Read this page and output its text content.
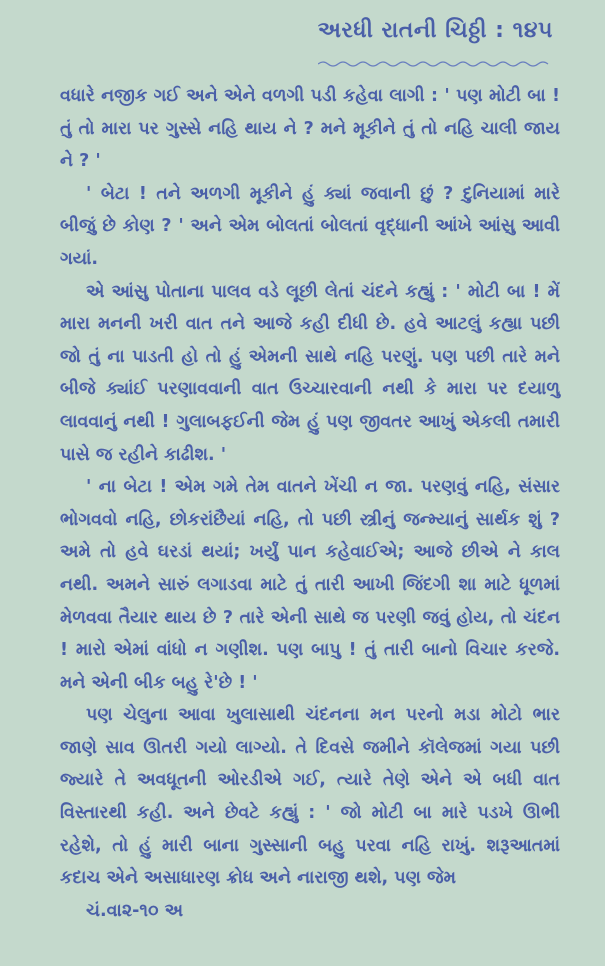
અરધી રાતની ચિઠ્ઠી : ૧૪૫

વધારે નજીક ગઈ અને એને વળગી પડી કહેવા લાગી : ' પણ મોટી બા ! તું તો મારા પર ગુસ્સે નહિ થાય ને ? મને મૂકીને તું તો નહિ ચાલી જાય ને ? '

' બેટા ! તને અળગી મૂકીને હું ક્યાં જવાની છું ? દુનિયામાં મારે બીજું છે કોણ ? ' અને એમ બોલતાં બોલતાં વૃદ્ધાની આંખે આંસુ આવી ગયાં.

એ આંસુ પોતાના પાલવ વડે લૂછી લેતાં ચંદને કહ્યું : ' મોટી બા ! મેં મારા મનની ખરી વાત તને આજે કહી દીધી છે. હવે આટલું કહ્યા પછી જો તું ના પાડતી હો તો હું એમની સાથે નહિ પરણું. પણ પછી તારે મને બીજે ક્યાંઈ પરણાવવાની વાત ઉચ્ચારવાની નથી કે મારા પર દયાળુ લાવવાનું નથી ! ગુલાબફઈની જેમ હું પણ જીવતર આખું એકલી તમારી પાસે જ રહીને કાઢીશ. '

' ના બેટા ! એમ ગમે તેમ વાતને ખેંચી ન જા. પરણવું નહિ, સંસાર ભોગવવો નહિ, છોકરાંછૈયાં નહિ, તો પછી સ્ત્રીનું જન્મ્યાનું સાર્થક શું ? અમે તો હવે ઘરડાં થયાં; ખર્યું પાન કહેવાઈએ; આજે છીએ ને કાલ નથી. અમને સારું લગાડવા માટે તું તારી આખી જિંદગી શા માટે ધૂળમાં મેળવવા તૈયાર થાય છે ? તારે એની સાથે જ પરણી જવું હોય, તો ચંદન ! મારો એમાં વાંધો ન ગણીશ. પણ બાપુ ! તું તારી બાનો વિચાર કરજે. મને એની બીક બહુ રે'છે ! '

પણ ચેલુના આવા ખુલાસાથી ચંદનના મન પરનો મડા મોટો ભાર જાણે સાવ ઊતરી ગયો લાગ્યો. તે દિવસે જમીને કૉલેજમાં ગયા પછી જ્યારે તે અવધૂતની ઓરડીએ ગઈ, ત્યારે તેણે એને એ બધી વાત વિસ્તારથી કહી. અને છેવટે કહ્યું : ' જો મોટી બા મારે પડખે ઊભી રહેશે, તો હું મારી બાના ગુસ્સાની બહુ પરવા નહિ રાખું. શરૂઆતમાં કદાચ એને અસાધારણ ક્રોધ અને નારાજી થશે, પણ જેમ

ચં.વા૨-૧૦ અ
